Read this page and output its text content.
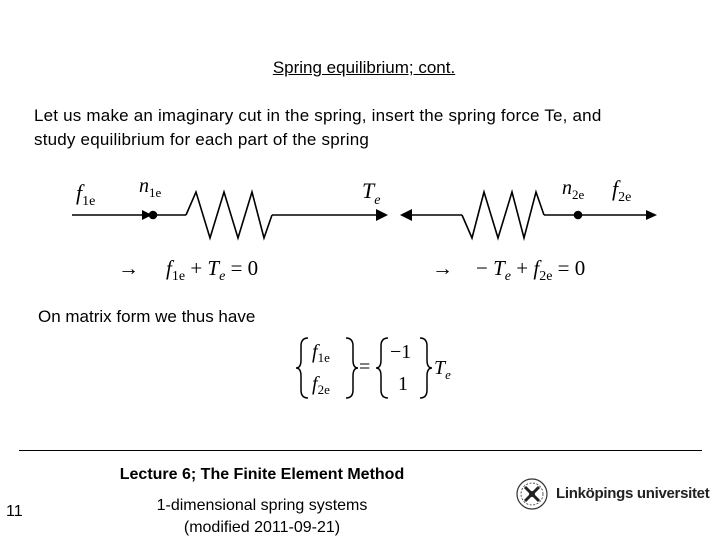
Spring equilibrium; cont.
Let us make an imaginary cut in the spring, insert the spring force Te, and
study equilibrium for each part of the spring
$f_{1e}$
$n_{1e}$	$T_e$
$n_{2e}$ $f_{2e}$
→ $f_{1e} + T_e = 0$	→ − $T_e + f_{2e} = 0$
$f_{1e}$
$f_{2e}$
=
−1
1
$T_e$
On matrix form we thus have
Lecture 6; The Finite Element Method
1-dimensional spring systems
(modified 2011-09-21)
11
Linköpings universitet
